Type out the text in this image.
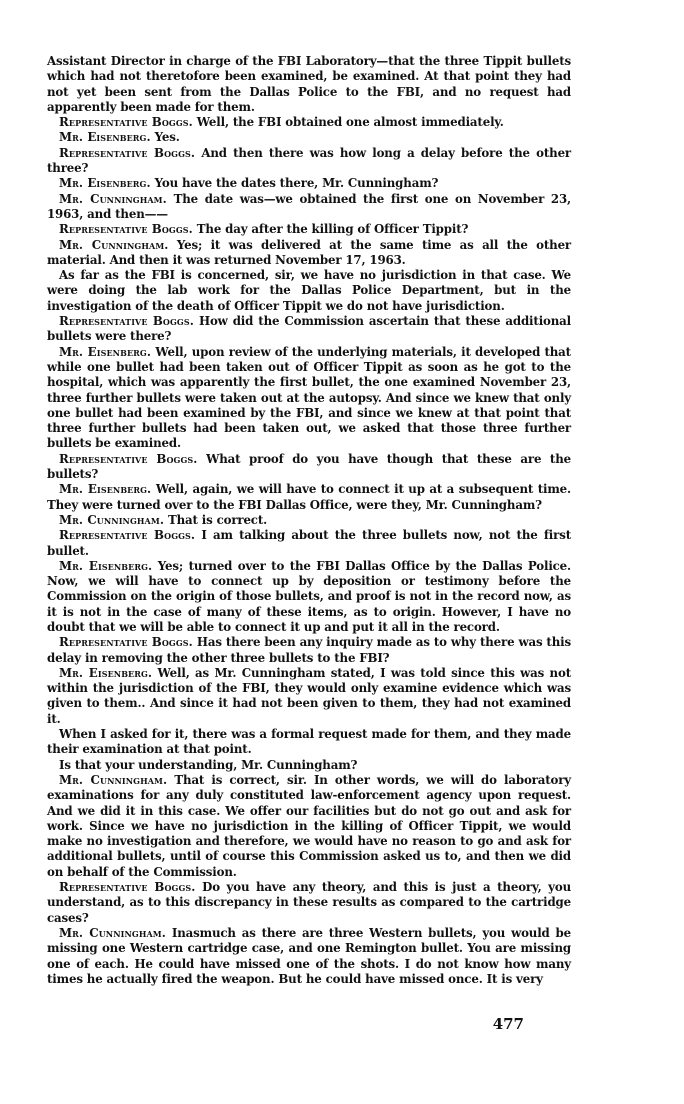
Assistant Director in charge of the FBI Laboratory—that the three Tippit bullets which had not theretofore been examined, be examined. At that point they had not yet been sent from the Dallas Police to the FBI, and no request had apparently been made for them.

Representative Boggs. Well, the FBI obtained one almost immediately.

Mr. Eisenberg. Yes.

Representative Boggs. And then there was how long a delay before the other three?

Mr. Eisenberg. You have the dates there, Mr. Cunningham?

Mr. Cunningham. The date was—we obtained the first one on November 23, 1963, and then——

Representative Boggs. The day after the killing of Officer Tippit?

Mr. Cunningham. Yes; it was delivered at the same time as all the other material. And then it was returned November 17, 1963.

As far as the FBI is concerned, sir, we have no jurisdiction in that case. We were doing the lab work for the Dallas Police Department, but in the investigation of the death of Officer Tippit we do not have jurisdiction.

Representative Boggs. How did the Commission ascertain that these additional bullets were there?

Mr. Eisenberg. Well, upon review of the underlying materials, it developed that while one bullet had been taken out of Officer Tippit as soon as he got to the hospital, which was apparently the first bullet, the one examined November 23, three further bullets were taken out at the autopsy. And since we knew that only one bullet had been examined by the FBI, and since we knew at that point that three further bullets had been taken out, we asked that those three further bullets be examined.

Representative Boggs. What proof do you have though that these are the bullets?

Mr. Eisenberg. Well, again, we will have to connect it up at a subsequent time. They were turned over to the FBI Dallas Office, were they, Mr. Cunningham?

Mr. Cunningham. That is correct.

Representative Boggs. I am talking about the three bullets now, not the first bullet.

Mr. Eisenberg. Yes; turned over to the FBI Dallas Office by the Dallas Police. Now, we will have to connect up by deposition or testimony before the Commission on the origin of those bullets, and proof is not in the record now, as it is not in the case of many of these items, as to origin. However, I have no doubt that we will be able to connect it up and put it all in the record.

Representative Boggs. Has there been any inquiry made as to why there was this delay in removing the other three bullets to the FBI?

Mr. Eisenberg. Well, as Mr. Cunningham stated, I was told since this was not within the jurisdiction of the FBI, they would only examine evidence which was given to them.. And since it had not been given to them, they had not examined it.

When I asked for it, there was a formal request made for them, and they made their examination at that point.

Is that your understanding, Mr. Cunningham?

Mr. Cunningham. That is correct, sir. In other words, we will do laboratory examinations for any duly constituted law-enforcement agency upon request. And we did it in this case. We offer our facilities but do not go out and ask for work. Since we have no jurisdiction in the killing of Officer Tippit, we would make no investigation and therefore, we would have no reason to go and ask for additional bullets, until of course this Commission asked us to, and then we did on behalf of the Commission.

Representative Boggs. Do you have any theory, and this is just a theory, you understand, as to this discrepancy in these results as compared to the cartridge cases?

Mr. Cunningham. Inasmuch as there are three Western bullets, you would be missing one Western cartridge case, and one Remington bullet. You are missing one of each. He could have missed one of the shots. I do not know how many times he actually fired the weapon. But he could have missed once. It is very

477
